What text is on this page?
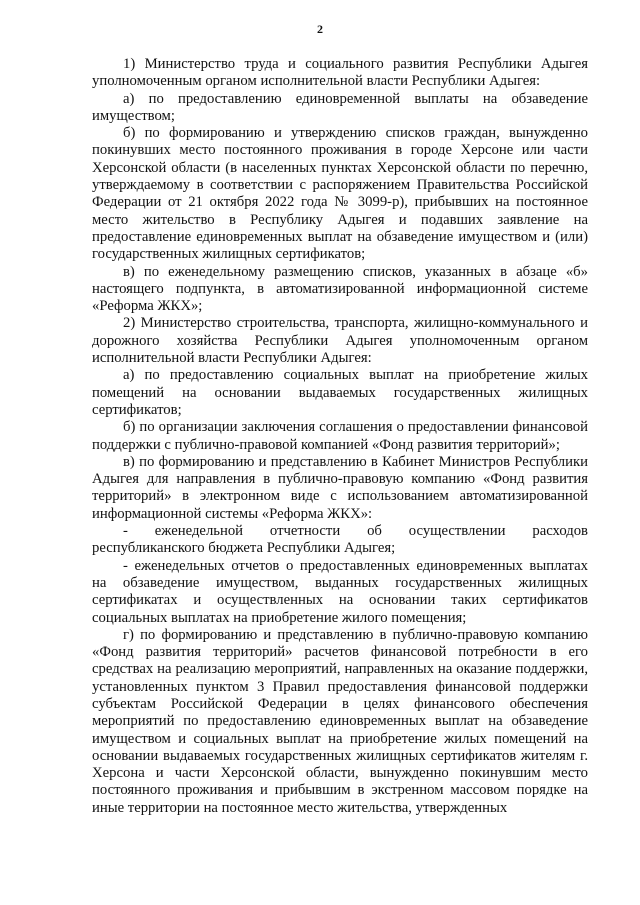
2

1) Министерство труда и социального развития Республики Адыгея уполномоченным органом исполнительной власти Республики Адыгея:

а) по предоставлению единовременной выплаты на обзаведение имуществом;

б) по формированию и утверждению списков граждан, вынужденно покинувших место постоянного проживания в городе Херсоне или части Херсонской области (в населенных пунктах Херсонской области по перечню, утверждаемому в соответствии с распоряжением Правительства Российской Федерации от 21 октября 2022 года № 3099-р), прибывших на постоянное место жительство в Республику Адыгея и подавших заявление на предоставление единовременных выплат на обзаведение имуществом и (или) государственных жилищных сертификатов;

в) по еженедельному размещению списков, указанных в абзаце «б» настоящего подпункта, в автоматизированной информационной системе «Реформа ЖКХ»;

2) Министерство строительства, транспорта, жилищно-коммунального и дорожного хозяйства Республики Адыгея уполномоченным органом исполнительной власти Республики Адыгея:

а) по предоставлению социальных выплат на приобретение жилых помещений на основании выдаваемых государственных жилищных сертификатов;

б) по организации заключения соглашения о предоставлении финансовой поддержки с публично-правовой компанией «Фонд развития территорий»;

в) по формированию и представлению в Кабинет Министров Республики Адыгея для направления в публично-правовую компанию «Фонд развития территорий» в электронном виде с использованием автоматизированной информационной системы «Реформа ЖКХ»:

- еженедельной отчетности об осуществлении расходов республиканского бюджета Республики Адыгея;

- еженедельных отчетов о предоставленных единовременных выплатах на обзаведение имуществом, выданных государственных жилищных сертификатах и осуществленных на основании таких сертификатов социальных выплатах на приобретение жилого помещения;

г) по формированию и представлению в публично-правовую компанию «Фонд развития территорий» расчетов финансовой потребности в его средствах на реализацию мероприятий, направленных на оказание поддержки, установленных пунктом 3 Правил предоставления финансовой поддержки субъектам Российской Федерации в целях финансового обеспечения мероприятий по предоставлению единовременных выплат на обзаведение имуществом и социальных выплат на приобретение жилых помещений на основании выдаваемых государственных жилищных сертификатов жителям г. Херсона и части Херсонской области, вынужденно покинувшим место постоянного проживания и прибывшим в экстренном массовом порядке на иные территории на постоянное место жительства, утвержденных
